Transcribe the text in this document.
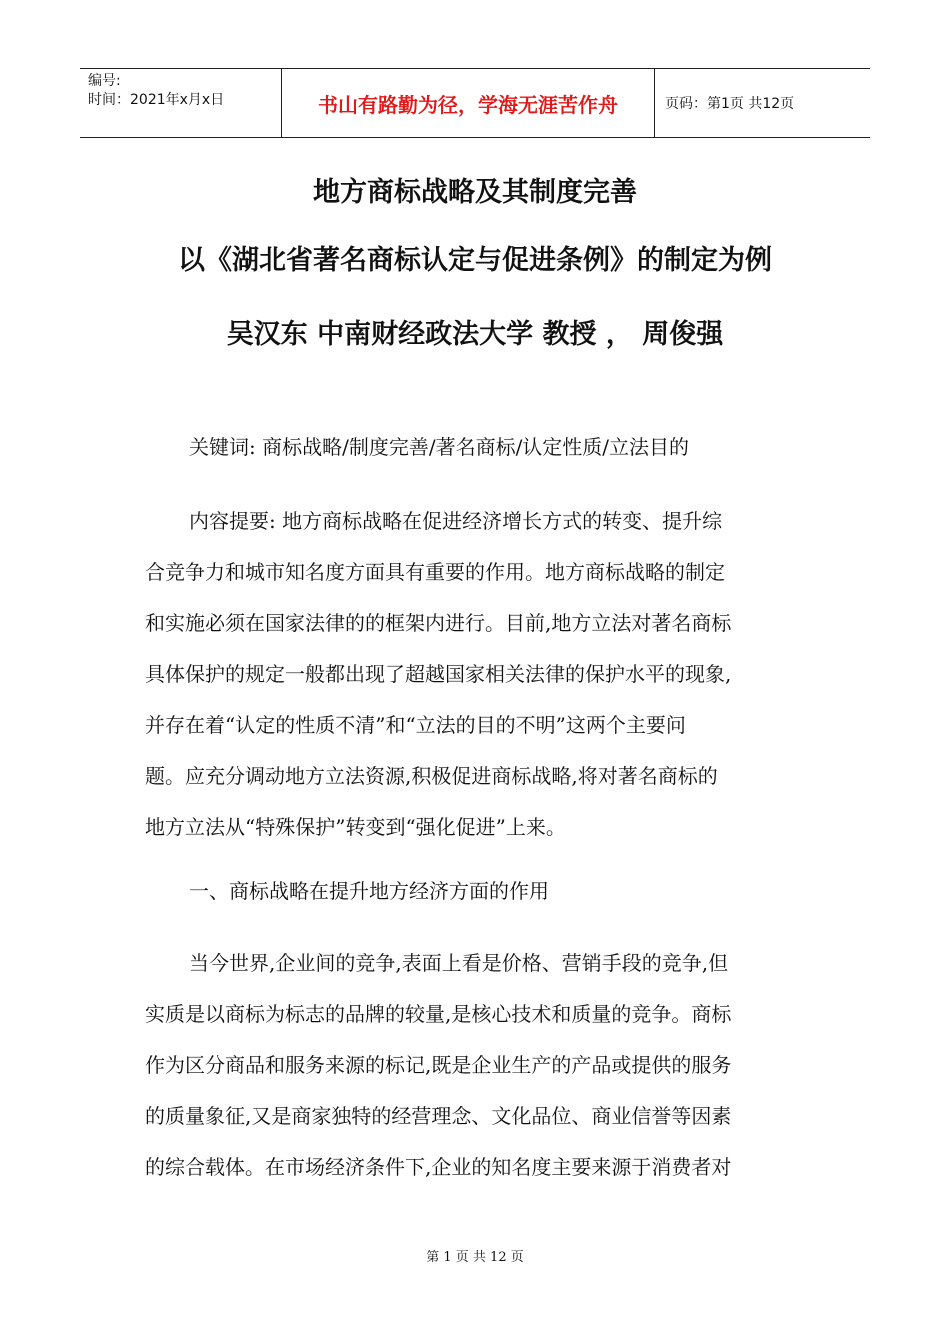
编号:
时间：2021年x月x日	书山有路勤为径，学海无涯苦作舟	页码：第1页 共12页
地方商标战略及其制度完善
以《湖北省著名商标认定与促进条例》的制定为例
吴汉东 中南财经政法大学 教授 ， 周俊强

关键词: 商标战略/制度完善/著名商标/认定性质/立法目的

内容提要: 地方商标战略在促进经济增长方式的转变、提升综
合竞争力和城市知名度方面具有重要的作用。地方商标战略的制定
和实施必须在国家法律的的框架内进行。目前,地方立法对著名商标
具体保护的规定一般都出现了超越国家相关法律的保护水平的现象,
并存在着“认定的性质不清”和“立法的目的不明”这两个主要问
题。应充分调动地方立法资源,积极促进商标战略,将对著名商标的
地方立法从“特殊保护”转变到“强化促进”上来。

一、商标战略在提升地方经济方面的作用

当今世界,企业间的竞争,表面上看是价格、营销手段的竞争,但
实质是以商标为标志的品牌的较量,是核心技术和质量的竞争。商标
作为区分商品和服务来源的标记,既是企业生产的产品或提供的服务
的质量象征,又是商家独特的经营理念、文化品位、商业信誉等因素
的综合载体。在市场经济条件下,企业的知名度主要来源于消费者对

第 1 页 共 12 页
